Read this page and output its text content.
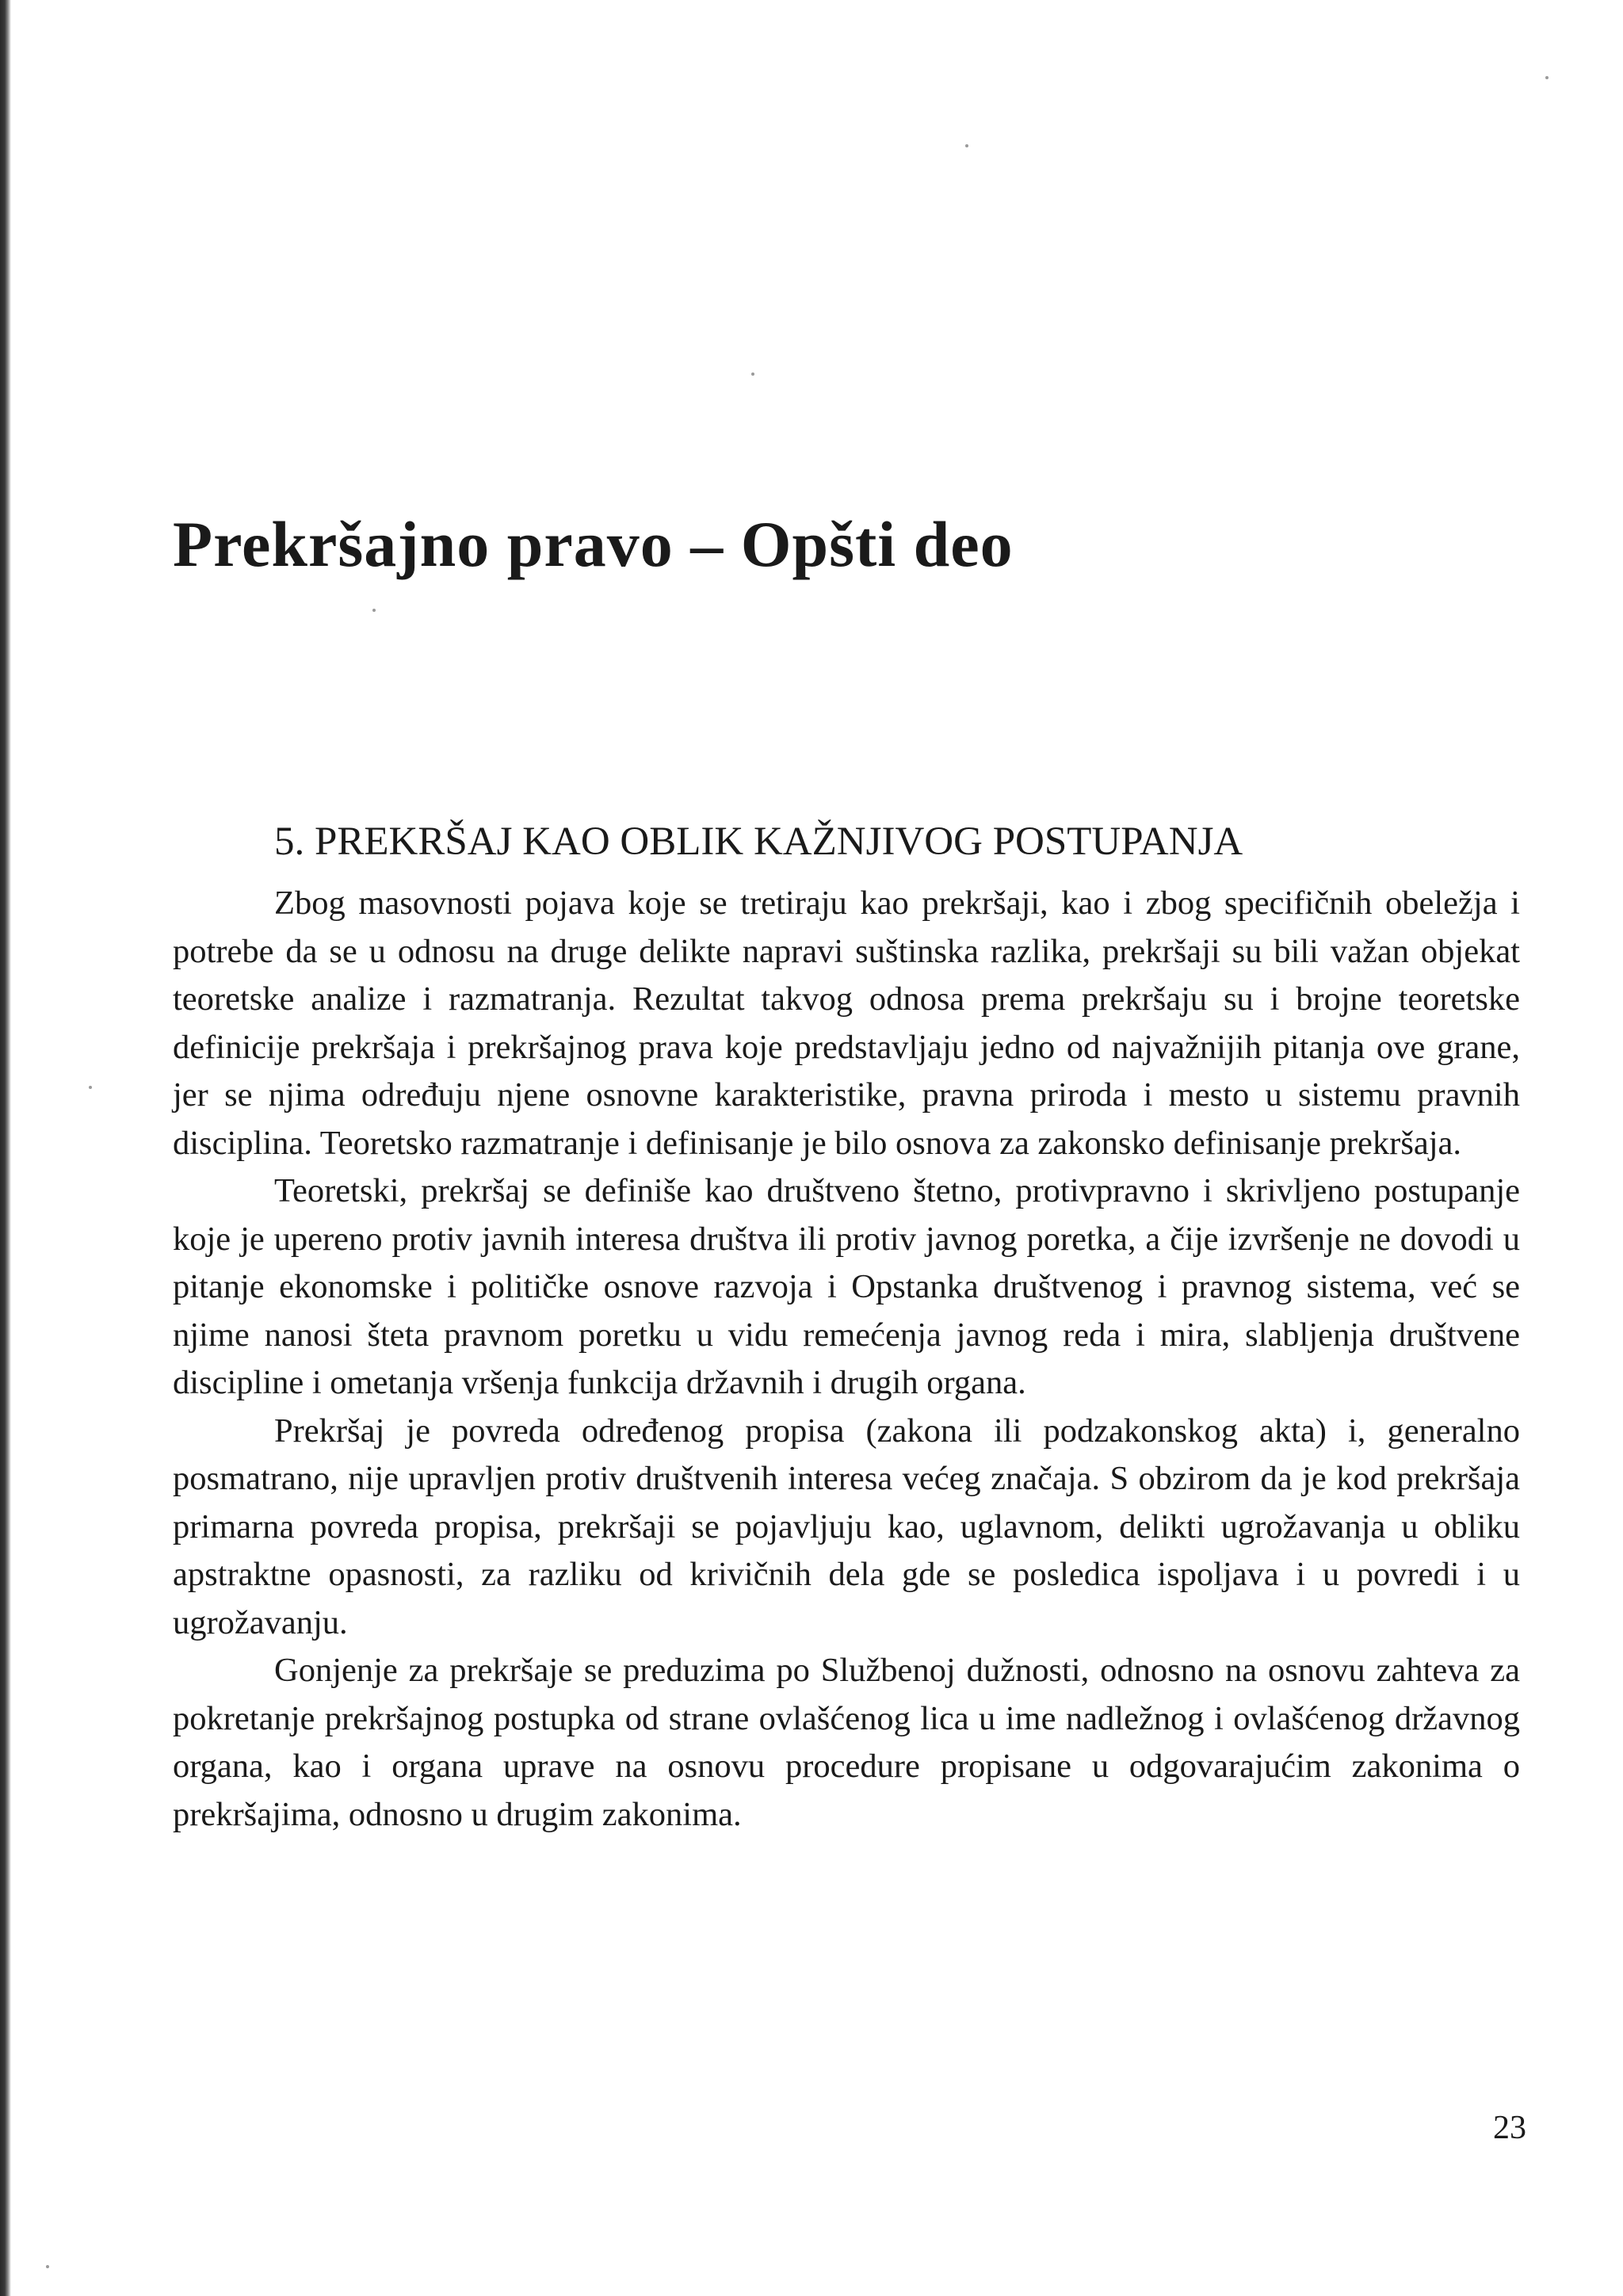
Prekršajno pravo – Opšti deo
5. PREKRŠAJ KAO OBLIK KAŽNJIVOG POSTUPANJA

Zbog masovnosti pojava koje se tretiraju kao prekršaji, kao i zbog specifičnih obeležja i potrebe da se u odnosu na druge delikte napravi suštinska razlika, prekršaji su bili važan objekat teoretske analize i razmatranja. Rezultat takvog odnosa prema prekršaju su i brojne teoretske definicije prekršaja i prekršajnog prava koje predstavljaju jedno od najvažnijih pitanja ove grane, jer se njima određuju njene osnovne karakteristike, pravna priroda i mesto u sistemu pravnih disciplina. Teoretsko razmatranje i definisanje je bilo osnova za zakonsko definisanje prekršaja.

Teoretski, prekršaj se definiše kao društveno štetno, protivpravno i skrivljeno postupanje koje je upereno protiv javnih interesa društva ili protiv javnog poretka, a čije izvršenje ne dovodi u pitanje ekonomske i političke osnove razvoja i Opstanka društvenog i pravnog sistema, već se njime nanosi šteta pravnom poretku u vidu remećenja javnog reda i mira, slabljenja društvene discipline i ometanja vršenja funkcija državnih i drugih organa.

Prekršaj je povreda određenog propisa (zakona ili podzakonskog akta) i, generalno posmatrano, nije upravljen protiv društvenih interesa većeg značaja. S obzirom da je kod prekršaja primarna povreda propisa, prekršaji se pojavljuju kao, uglavnom, delikti ugrožavanja u obliku apstraktne opasnosti, za razliku od krivičnih dela gde se posledica ispoljava i u povredi i u ugrožavanju.

Gonjenje za prekršaje se preduzima po Službenoj dužnosti, odnosno na osnovu zahteva za pokretanje prekršajnog postupka od strane ovlašćenog lica u ime nadležnog i ovlašćenog državnog organa, kao i organa uprave na osnovu procedure propisane u odgovarajućim zakonima o prekršajima, odnosno u drugim zakonima.

23
